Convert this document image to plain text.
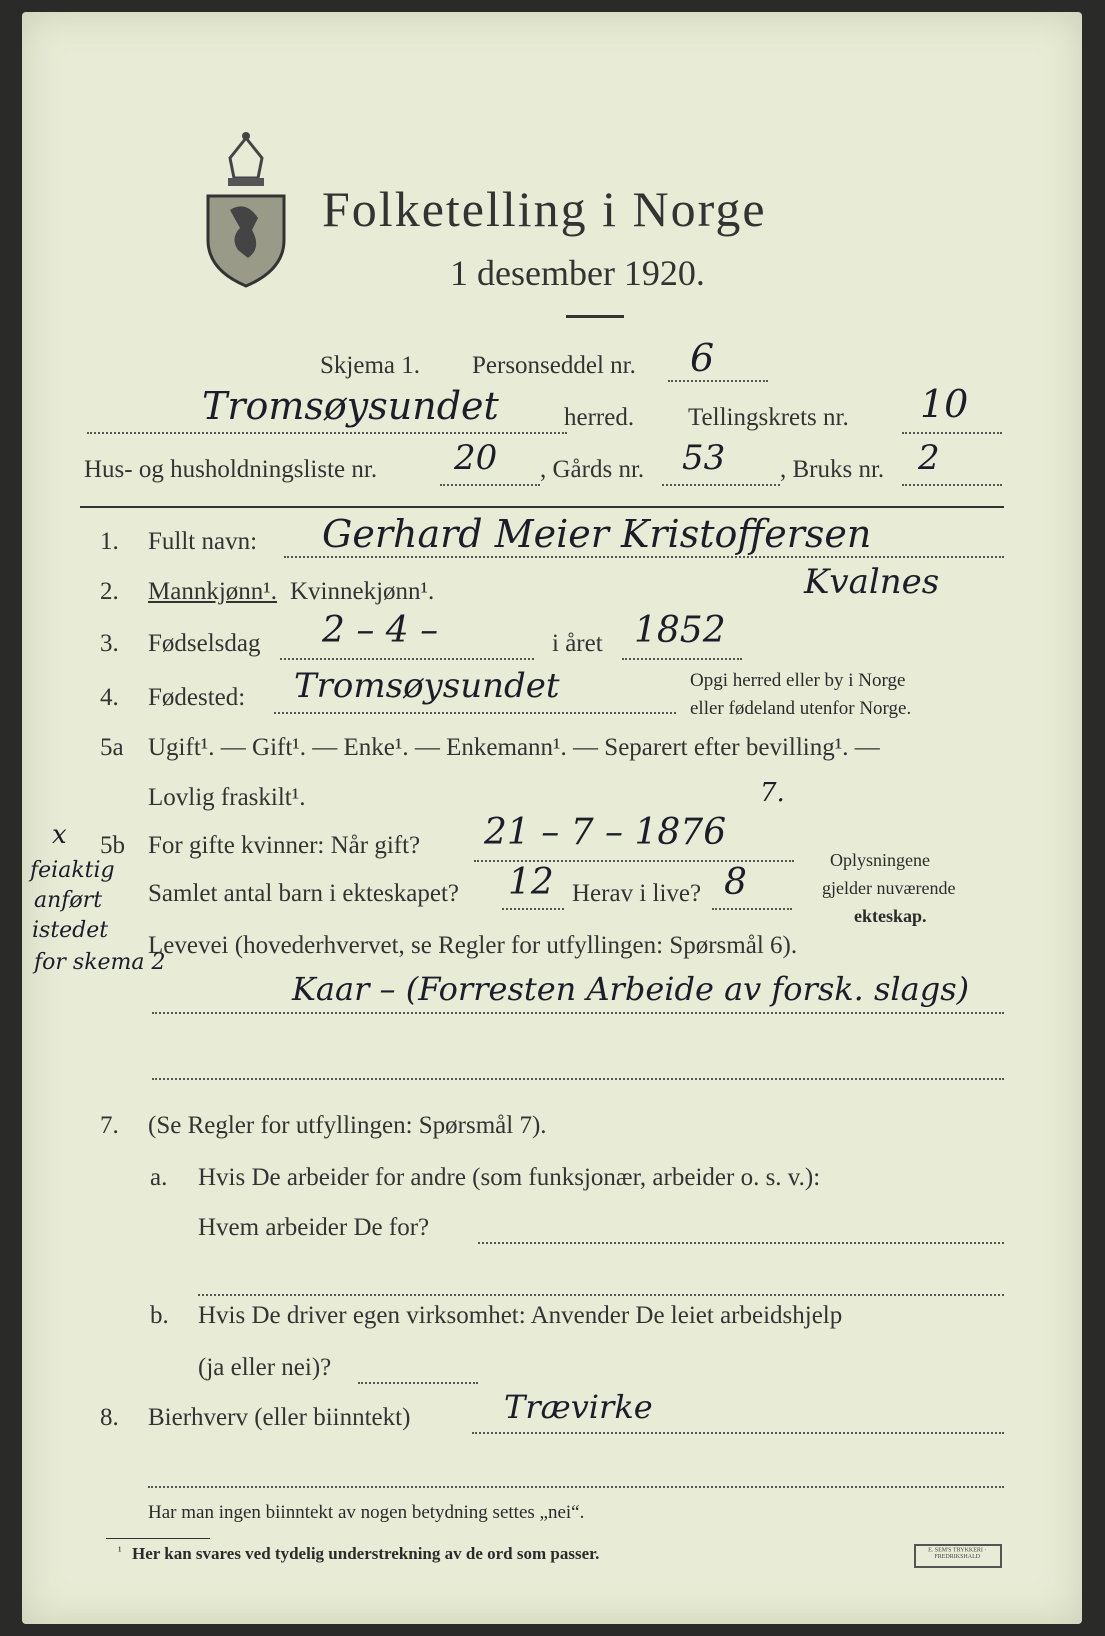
Folketelling i Norge
1 desember 1920.
Skjema 1. Personseddel nr. 6
Tromsøysundet	herred. Tellingskrets nr. 10
Hus- og husholdningsliste nr. 20 , Gårds nr. 53 , Bruks nr. 2
1. Fullt navn: Gerhard Meier Kristoffersen
Kvalnes
2. Mannkjønn¹. Kvinnekjønn¹.
3. Fødselsdag 2 – 4 –	i året 1852
4. Fødested: Tromsøysundet	Opgi herred eller by i Norge
eller fødeland utenfor Norge.
5a Ugift¹. — Gift¹. — Enke¹. — Enkemann¹. — Separert efter bevilling¹. —
Lovlig fraskilt¹.
5b For gifte kvinner: Når gift? 21 – 7 – 1876
7.
Samlet antal barn i ekteskapet? 12 Herav i live? 8
Oplysningene
gjelder nuværende
ekteskap.
x
feiaktig
anført
istedet
for skema 2
Levevei (hovederhvervet, se Regler for utfyllingen: Spørsmål 6).
Kaar – (Forresten Arbeide av forsk. slags)
7. (Se Regler for utfyllingen: Spørsmål 7).
a. Hvis De arbeider for andre (som funksjonær, arbeider o. s. v.):
Hvem arbeider De for?
b. Hvis De driver egen virksomhet: Anvender De leiet arbeidshjelp
(ja eller nei)?
8. Bierhverv (eller biinntekt)	Trævirke
Har man ingen biinntekt av nogen betydning settes „nei“.
¹ Her kan svares ved tydelig understrekning av de ord som passer.	E. SEM'S TRYKKERI · FREDRIKSHALD
